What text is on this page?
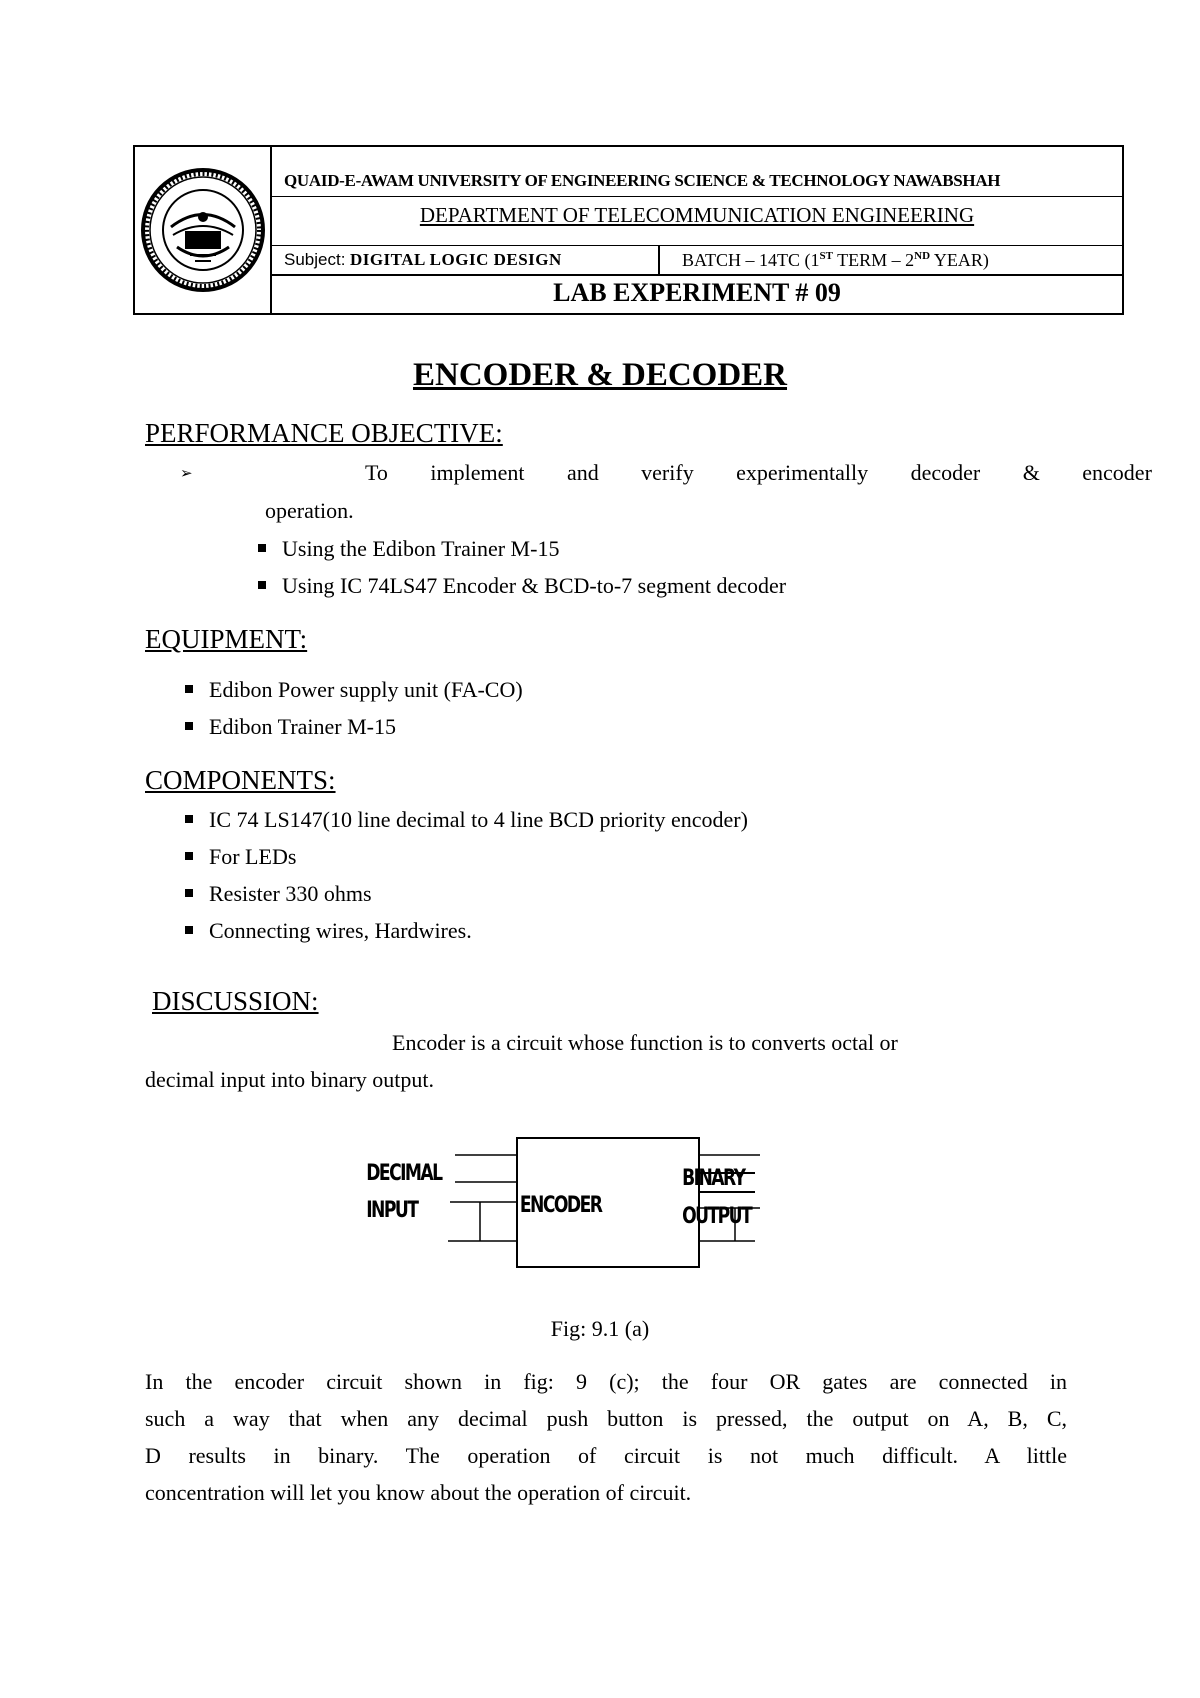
QUAID-E-AWAM UNIVERSITY OF ENGINEERING SCIENCE & TECHNOLOGY NAWABSHAH
DEPARTMENT OF TELECOMMUNICATION ENGINEERING
Subject: DIGITAL LOGIC DESIGN	BATCH – 14TC (1ST TERM – 2ND YEAR)
LAB EXPERIMENT # 09
ENCODER & DECODER
PERFORMANCE OBJECTIVE:
➢	To implement and verify experimentally decoder & encoder
operation.
Using the Edibon Trainer M-15
Using IC 74LS47 Encoder & BCD-to-7 segment decoder
EQUIPMENT:
Edibon Power supply unit (FA-CO)
Edibon Trainer M-15
COMPONENTS:
IC 74 LS147(10 line decimal to 4 line BCD priority encoder)
For LEDs
Resister 330 ohms
Connecting wires, Hardwires.
DISCUSSION:
Encoder is a circuit whose function is to converts octal or
decimal input into binary output.
DECIMAL
INPUT	ENCODER
BINARY
OUTPUT
Fig: 9.1 (a)
In the encoder circuit shown in fig: 9 (c); the four OR gates are connected in
such a way that when any decimal push button is pressed, the output on A, B, C,
D results in binary. The operation of circuit is not much difficult. A little
concentration will let you know about the operation of circuit.
